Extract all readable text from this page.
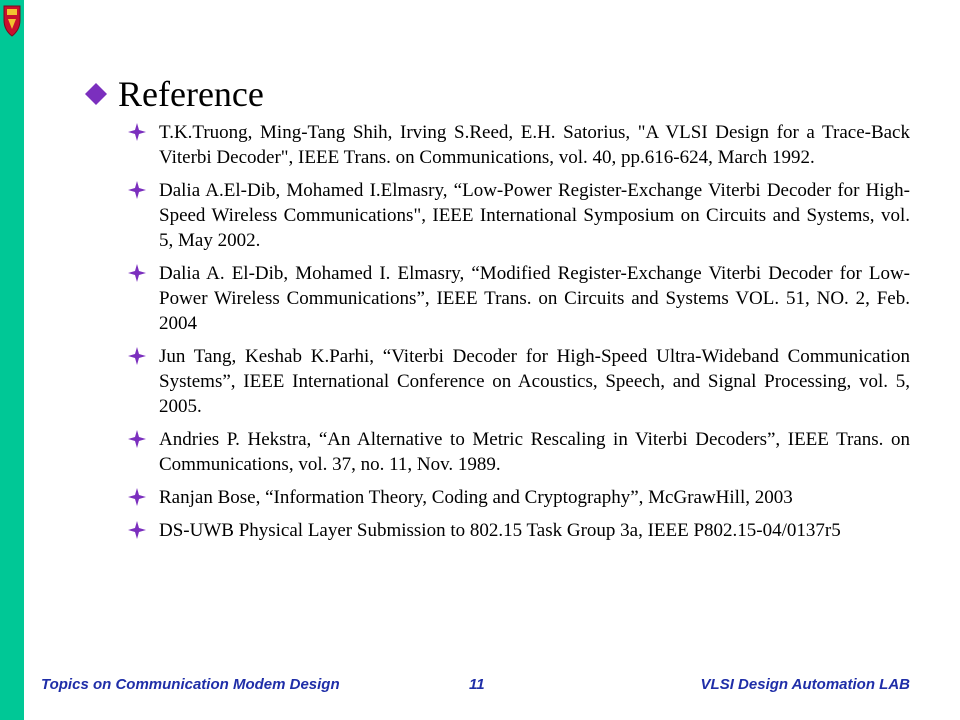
Reference
T.K.Truong, Ming-Tang Shih, Irving S.Reed, E.H. Satorius, "A VLSI Design for a Trace-Back Viterbi Decoder", IEEE Trans. on Communications, vol. 40, pp.616-624, March 1992.
Dalia A.El-Dib, Mohamed I.Elmasry, “Low-Power Register-Exchange Viterbi Decoder for High-Speed Wireless Communications", IEEE International Symposium on Circuits and Systems, vol. 5, May 2002.
Dalia A. El-Dib, Mohamed I. Elmasry, “Modified Register-Exchange Viterbi Decoder for Low-Power Wireless Communications”, IEEE Trans. on Circuits and Systems VOL. 51, NO. 2, Feb. 2004
Jun Tang, Keshab K.Parhi, “Viterbi Decoder for High-Speed Ultra-Wideband Communication Systems”, IEEE International Conference on Acoustics, Speech, and Signal Processing, vol. 5, 2005.
Andries P. Hekstra, “An Alternative to Metric Rescaling in Viterbi Decoders”, IEEE Trans. on Communications, vol. 37, no. 11, Nov. 1989.
Ranjan Bose, “Information Theory, Coding and Cryptography”, McGrawHill, 2003
DS-UWB Physical Layer Submission to 802.15 Task Group 3a, IEEE P802.15-04/0137r5
Topics on Communication Modem Design	11	VLSI Design Automation LAB
